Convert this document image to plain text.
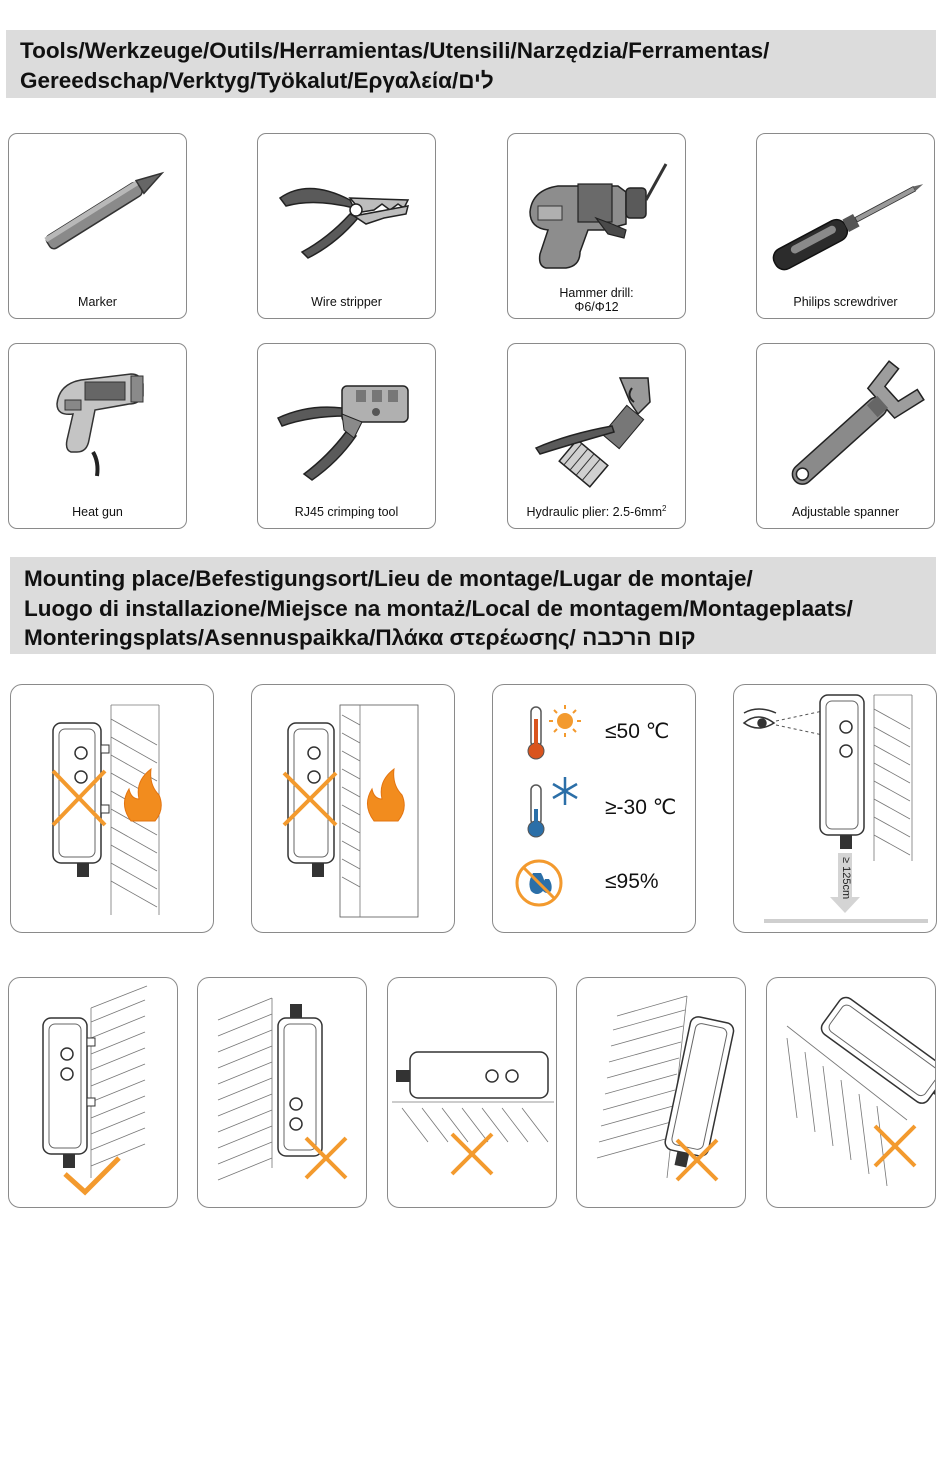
Tools/Werkzeuge/Outils/Herramientas/Utensili/Narzędzia/Ferramentas/
Gereedschap/Verktyg/Työkalut/Εργαλεία/לים
Marker	Wire stripper
Hammer drill:
Φ6/Φ12	Philips screwdriver
Heat gun	RJ45 crimping tool	Hydraulic plier: $2.5-6mm^2$	Adjustable spanner
Mounting place/Befestigungsort/Lieu de montage/Lugar de montaje/
Luogo di installazione/Miejsce na montaż/Local de montagem/Montageplaats/
Monteringsplats/Asennuspaikka/Πλάκα στερέωσης/ קום הרכבה
≤50 ℃
≥-30 ℃
≤95%	≥ 125cm
